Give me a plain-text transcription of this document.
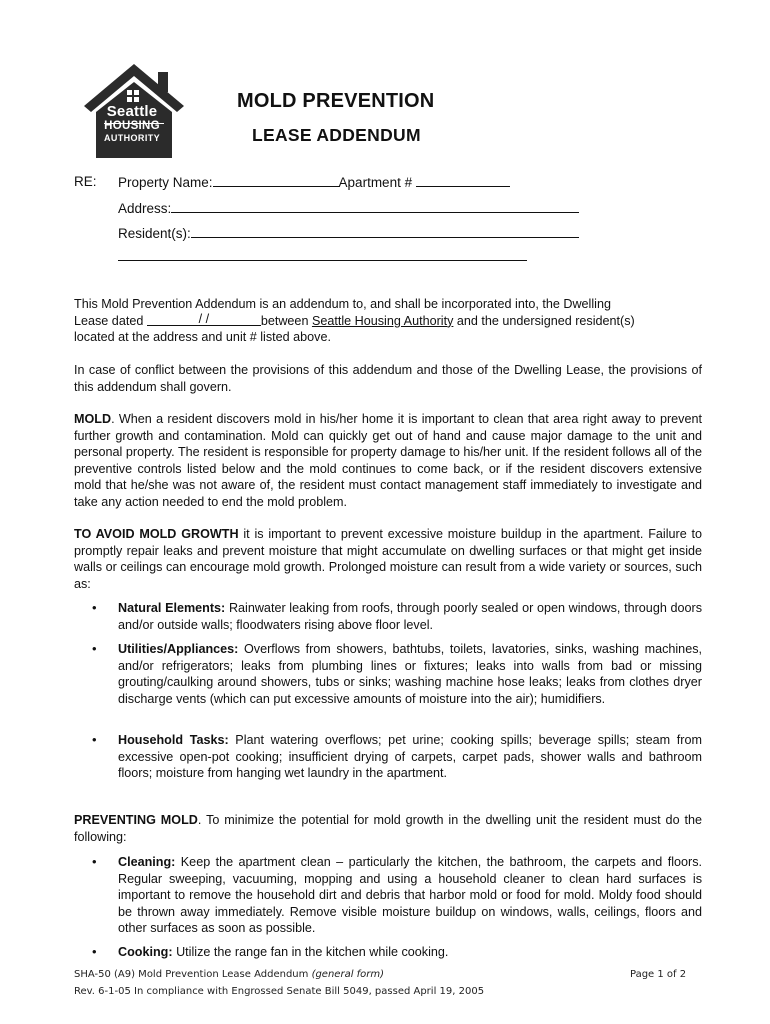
Seattle
HOUSING
AUTHORITY
MOLD PREVENTION
LEASE ADDENDUM
RE: Property Name:	Apartment #
Address:
Resident(s):
This Mold Prevention Addendum is an addendum to, and shall be incorporated into, the Dwelling
Lease dated	/ /	between Seattle Housing Authority and the undersigned resident(s)
located at the address and unit # listed above.
In case of conflict between the provisions of this addendum and those of the Dwelling Lease, the provisions of this addendum shall govern.
MOLD. When a resident discovers mold in his/her home it is important to clean that area right away to prevent further growth and contamination. Mold can quickly get out of hand and cause major damage to the unit and personal property. The resident is responsible for property damage to his/her unit. If the resident follows all of the preventive controls listed below and the mold continues to come back, or if the resident discovers extensive mold that he/she was not aware of, the resident must contact management staff immediately to investigate and take any action needed to end the mold problem.
TO AVOID MOLD GROWTH it is important to prevent excessive moisture buildup in the apartment. Failure to promptly repair leaks and prevent moisture that might accumulate on dwelling surfaces or that might get inside walls or ceilings can encourage mold growth. Prolonged moisture can result from a wide variety or sources, such as:
• Natural Elements: Rainwater leaking from roofs, through poorly sealed or open windows, through doors and/or outside walls; floodwaters rising above floor level.
• Utilities/Appliances: Overflows from showers, bathtubs, toilets, lavatories, sinks, washing machines, and/or refrigerators; leaks from plumbing lines or fixtures; leaks into walls from bad or missing grouting/caulking around showers, tubs or sinks; washing machine hose leaks; leaks from clothes dryer discharge vents (which can put excessive amounts of moisture into the air); humidifiers.
• Household Tasks: Plant watering overflows; pet urine; cooking spills; beverage spills; steam from excessive open-pot cooking; insufficient drying of carpets, carpet pads, shower walls and bathroom floors; moisture from hanging wet laundry in the apartment.
PREVENTING MOLD. To minimize the potential for mold growth in the dwelling unit the resident must do the following:
• Cleaning: Keep the apartment clean – particularly the kitchen, the bathroom, the carpets and floors. Regular sweeping, vacuuming, mopping and using a household cleaner to clean hard surfaces is important to remove the household dirt and debris that harbor mold or food for mold. Moldy food should be thrown away immediately. Remove visible moisture buildup on windows, walls, ceilings, floors and other surfaces as soon as possible.
• Cooking: Utilize the range fan in the kitchen while cooking.
SHA-50 (A9) Mold Prevention Lease Addendum (general form)
Rev. 6-1-05 In compliance with Engrossed Senate Bill 5049, passed April 19, 2005
Page 1 of 2
